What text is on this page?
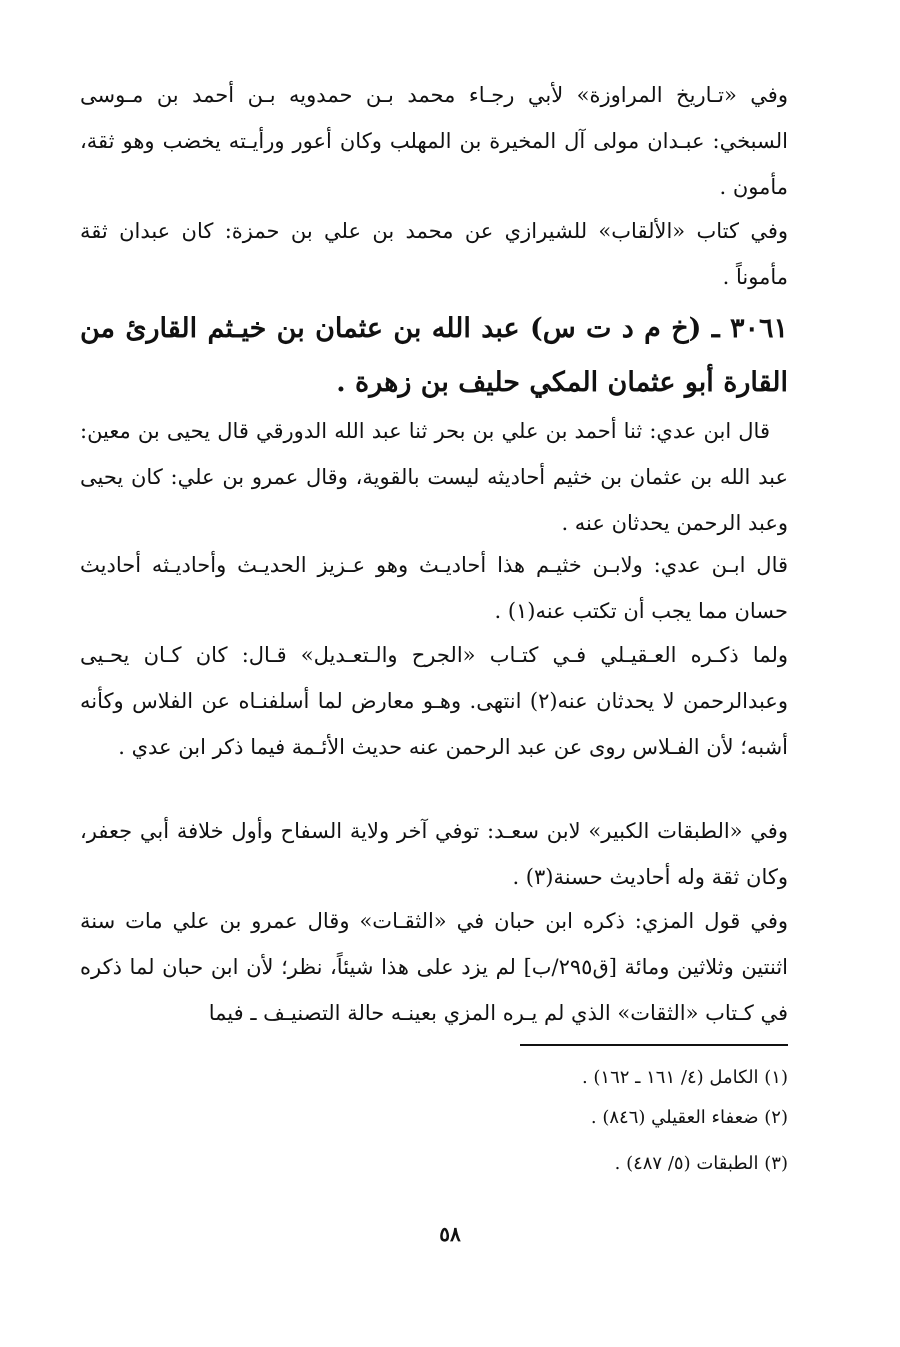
وفي «تـاريخ المراوزة» لأبي رجـاء محمد بـن حمدويه بـن أحمد بن مـوسى السبخي: عبـدان مولى آل المخيرة بن المهلب وكان أعور ورأيـته يخضب وهو ثقة، مأمون .

وفي كتاب «الألقاب» للشيرازي عن محمد بن علي بن حمزة: كان عبدان ثقة مأموناً .

٣٠٦١ ـ (خ م د ت س) عبد الله بن عثمان بن خيـثم القارئ من القارة أبو عثمان المكي حليف بن زهرة .

قال ابن عدي: ثنا أحمد بن علي بن بحر ثنا عبد الله الدورقي قال يحيى بن معين: عبد الله بن عثمان بن خثيم أحاديثه ليست بالقوية، وقال عمرو بن علي: كان يحيى وعبد الرحمن يحدثان عنه .

قال ابـن عدي: ولابـن خثيـم هذا أحاديـث وهو عـزيز الحديـث وأحاديـثه أحاديث حسان مما يجب أن تكتب عنه(١) .

ولما ذكـره العـقيـلي فـي كتـاب «الجرح والـتعـديل» قـال: كان كـان يحـيى وعبدالرحمن لا يحدثان عنه(٢) انتهى. وهـو معارض لما أسلفنـاه عن الفلاس وكأنه أشبه؛ لأن الفـلاس روى عن عبد الرحمن عنه حديث الأئـمة فيما ذكر ابن عدي .

وفي «الطبقات الكبير» لابن سعـد: توفي آخر ولاية السفاح وأول خلافة أبي جعفر، وكان ثقة وله أحاديث حسنة(٣) .

وفي قول المزي: ذكره ابن حبان في «الثقـات» وقال عمرو بن علي مات سنة اثنتين وثلاثين ومائة [ق٢٩٥/ب] لم يزد على هذا شيئاً، نظر؛ لأن ابن حبان لما ذكره في كـتاب «الثقات» الذي لم يـره المزي بعينـه حالة التصنيـف ـ فيما

(١) الكامل (٤/ ١٦١ ـ ١٦٢) .
(٢) ضعفاء العقيلي (٨٤٦) .
(٣) الطبقات (٥/ ٤٨٧) .
٥٨
